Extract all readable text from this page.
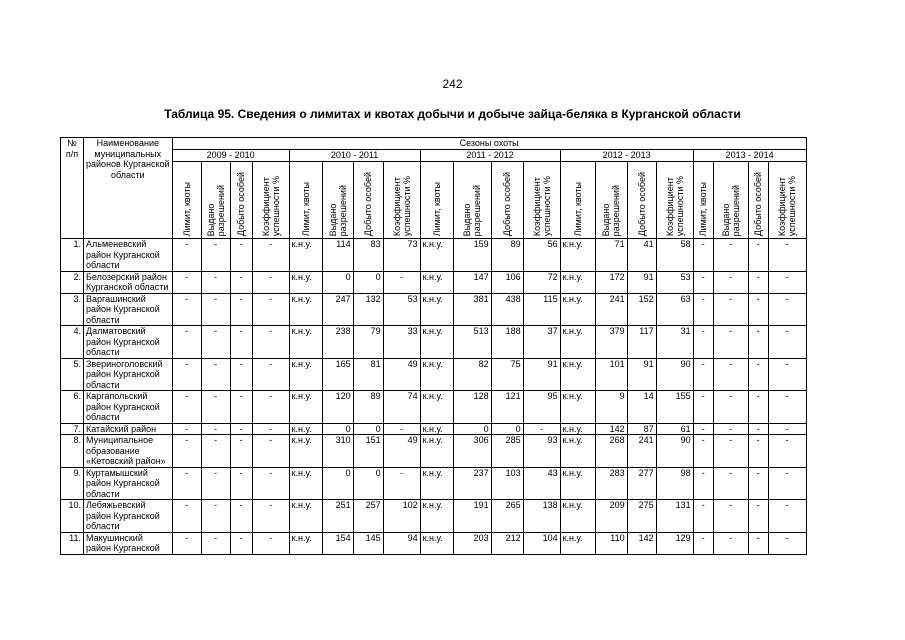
242
Таблица 95. Сведения о лимитах и квотах добычи и добыче зайца-беляка в Курганской области
№
п/п	Наименование
муниципальных
районов Курганской
области	Сезоны охоты																			
		2009 - 2010				2010 - 2011				2011 - 2012				2012 - 2013				2013 - 2014			

		Лимит, квоты	Выдано
разрешений	Добыто особей	Коэффициент
успешности %	Лимит, квоты	Выдано
разрешений	Добыто особей	Коэффициент
успешности %	Лимит, квоты	Выдано
разрешений	Добыто особей	Коэффициент
успешности %	Лимит, квоты	Выдано
разрешений	Добыто особей	Коэффициент
успешности %	Лимит, квоты	Выдано
разрешений	Добыто особей	Коэффициент
успешности %

1.	Альменевский район Курганской области	-	-	-	-	к.н.у.	114	83	73	к.н.у.	159	89	56	к.н.у.	71	41	58	-	-	-	-
2.	Белозерский район Курганской области	-	-	-	-	к.н.у.	0	0	-	к.н.у.	147	106	72	к.н.у.	172	91	53	-	-	-	-
3.	Варгашинский район Курганской области	-	-	-	-	к.н.у.	247	132	53	к.н.у.	381	438	115	к.н.у.	241	152	63	-	-	-	-
4.	Далматовский район Курганской области	-	-	-	-	к.н.у.	238	79	33	к.н.у.	513	188	37	к.н.у.	379	117	31	-	-	-	-
5.	Звериноголовский район Курганской области	-	-	-	-	к.н.у.	165	81	49	к.н.у.	82	75	91	к.н.у.	101	91	90	-	-	-	-
6.	Каргапольский район Курганской области	-	-	-	-	к.н.у.	120	89	74	к.н.у.	128	121	95	к.н.у.	9	14	155	-	-	-	-
7.	Катайский район	-	-	-	-	к.н.у.	0	0	-	к.н.у.	0	0	-	к.н.у.	142	87	61	-	-	-	-
8.	Муниципальное образование «Кетовский район»	-	-	-	-	к.н.у.	310	151	49	к.н.у.	306	285	93	к.н.у.	268	241	90	-	-	-	-
9.	Куртамышский район Курганской области	-	-	-	-	к.н.у.	0	0	-	к.н.у.	237	103	43	к.н.у.	283	277	98	-	-	-	-
10.	Лебяжьевский район Курганской области	-	-	-	-	к.н.у.	251	257	102	к.н.у.	191	265	138	к.н.у.	209	275	131	-	-	-	-
11.	Макушинский район Курганской	-	-	-	-	к.н.у.	154	145	94	к.н.у.	203	212	104	к.н.у.	110	142	129	-	-	-	-
